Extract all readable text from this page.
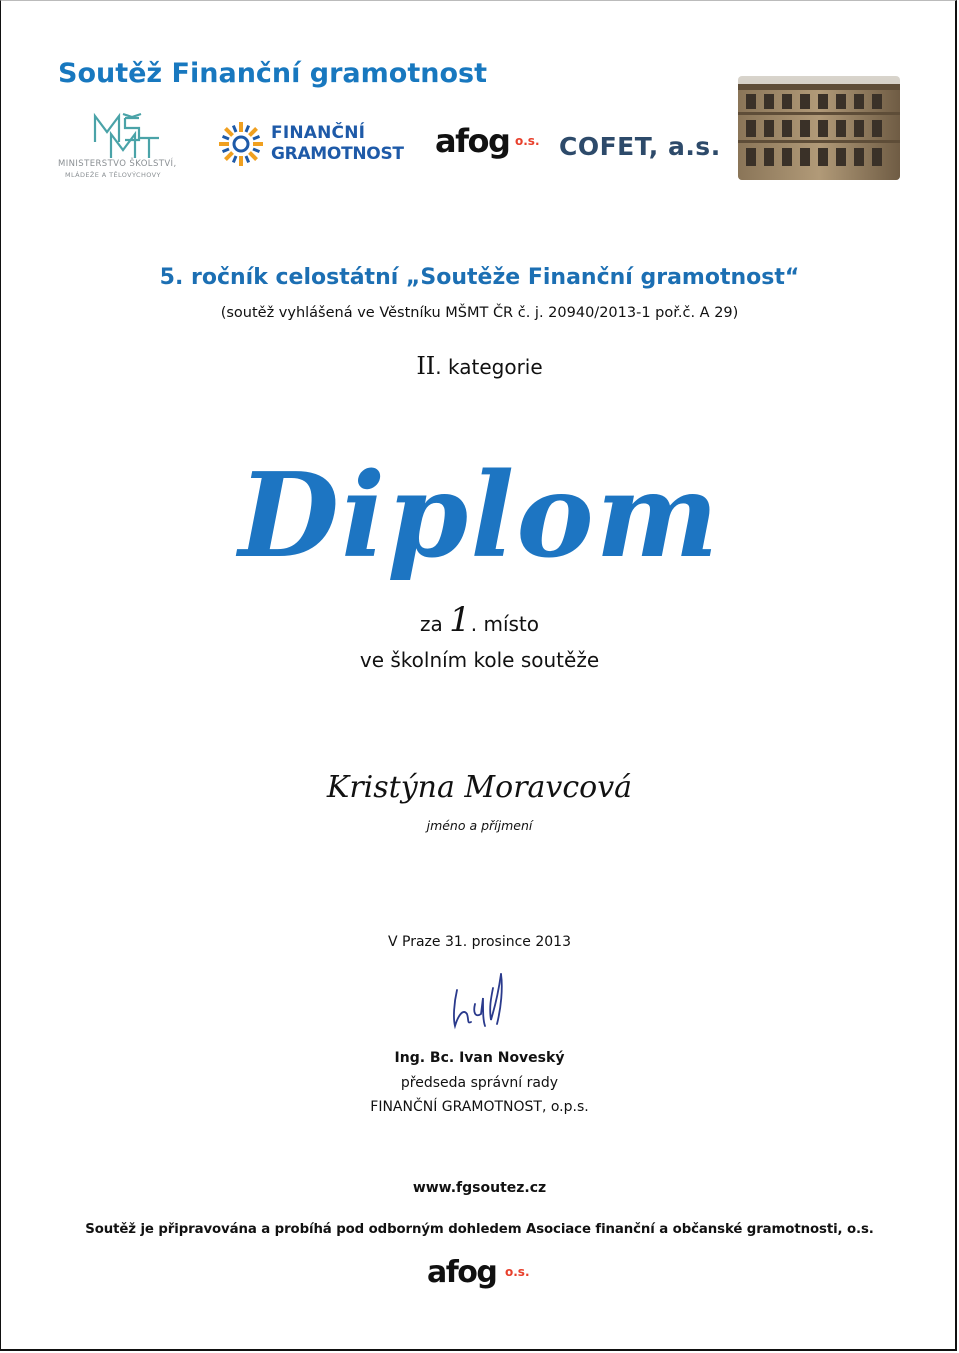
Soutěž Finanční gramotnost
MINISTERSTVO ŠKOLSTVÍ,
MLÁDEŽE A TĚLOVÝCHOVY
FINANČNÍ
GRAMOTNOST afog o.s. COFET, a.s.
5. ročník celostátní „Soutěže Finanční gramotnost“
(soutěž vyhlášená ve Věstníku MŠMT ČR č. j. 20940/2013-1 poř.č. A 29)
II. kategorie
Diplom
za 1. místo
ve školním kole soutěže
Kristýna Moravcová
jméno a příjmení
V Praze 31. prosince 2013
Ing. Bc. Ivan Noveský
předseda správní rady
FINANČNÍ GRAMOTNOST, o.p.s.
www.fgsoutez.cz
Soutěž je připravována a probíhá pod odborným dohledem Asociace finanční a občanské gramotnosti, o.s.
afog o.s.
